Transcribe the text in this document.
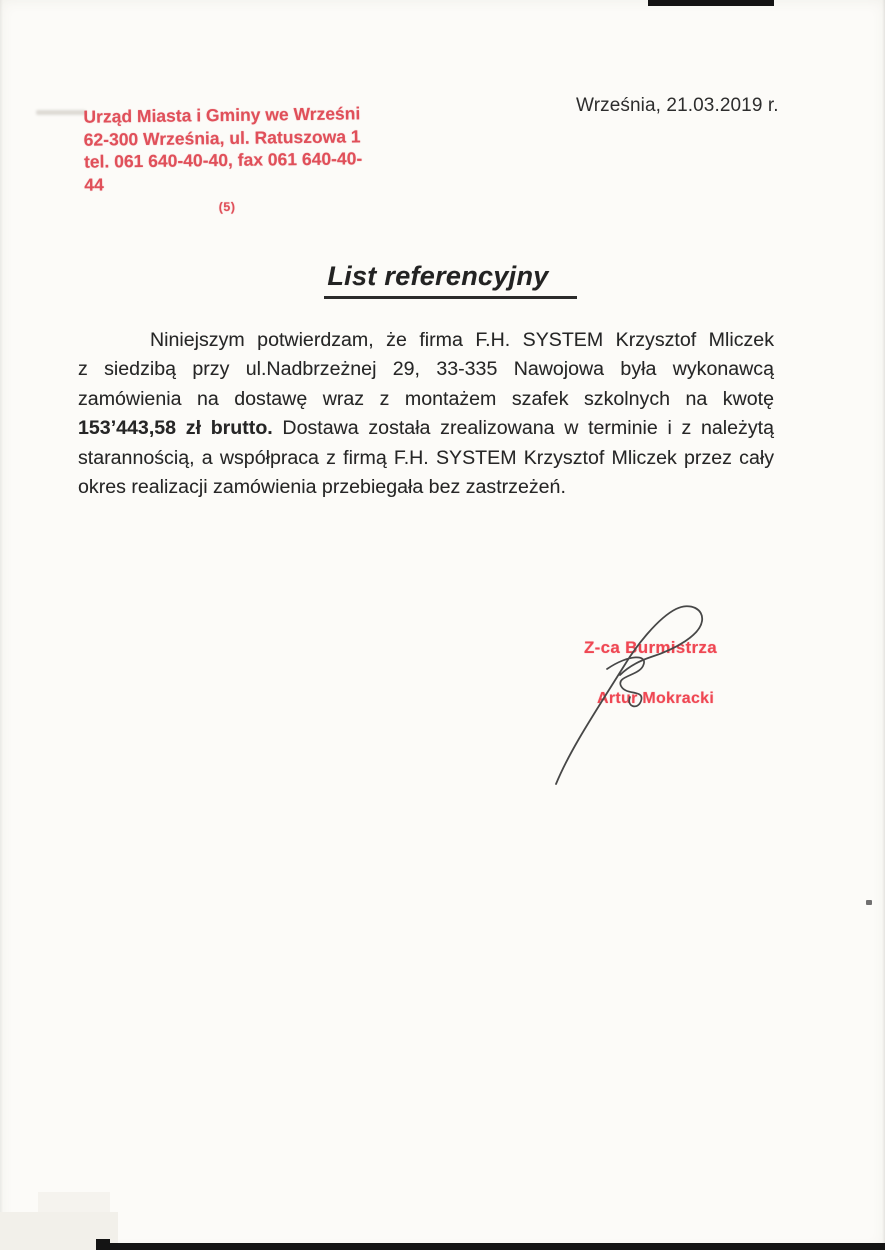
Września, 21.03.2019 r.
Urząd Miasta i Gminy we Wrześni
62-300 Września, ul. Ratuszowa 1
tel. 061 640-40-40, fax 061 640-40-44
(5)
List referencyjny
Niniejszym potwierdzam, że firma F.H. SYSTEM Krzysztof Mliczek
z siedzibą przy ul.Nadbrzeżnej 29, 33-335 Nawojowa była wykonawcą
zamówienia na dostawę wraz z montażem szafek szkolnych na kwotę
153’443,58 zł brutto. Dostawa została zrealizowana w terminie i z należytą
starannością, a współpraca z firmą F.H. SYSTEM Krzysztof Mliczek przez cały
okres realizacji zamówienia przebiegała bez zastrzeżeń.
Z-ca Burmistrza
Artur Mokracki
